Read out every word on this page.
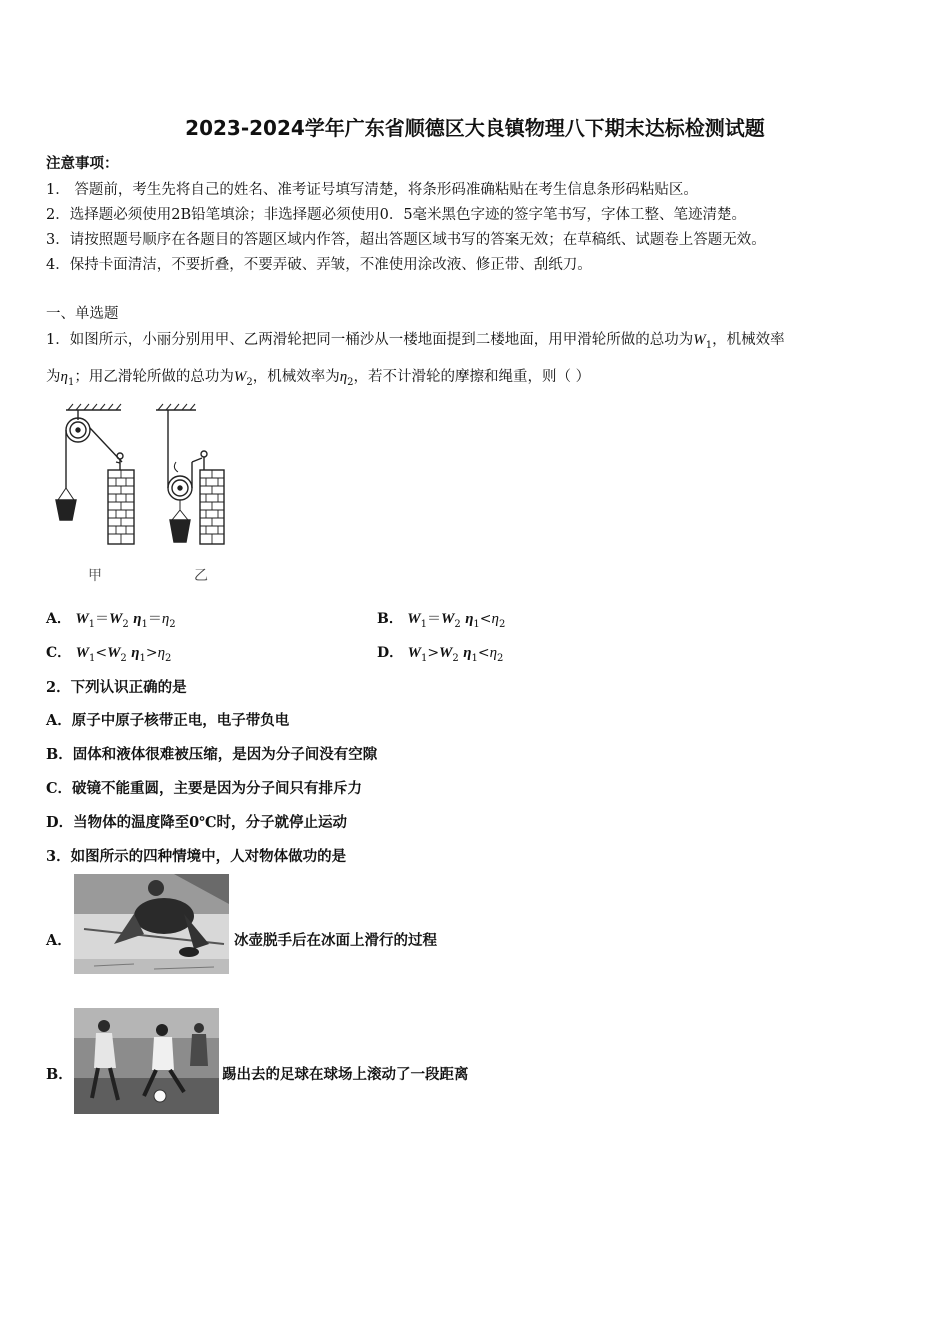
2023-2024学年广东省顺德区大良镇物理八下期末达标检测试题
注意事项：
1． 答题前，考生先将自己的姓名、准考证号填写清楚，将条形码准确粘贴在考生信息条形码粘贴区。
2．选择题必须使用2B铅笔填涂；非选择题必须使用0．5毫米黑色字迹的签字笔书写，字体工整、笔迹清楚。
3．请按照题号顺序在各题目的答题区域内作答，超出答题区域书写的答案无效；在草稿纸、试题卷上答题无效。
4．保持卡面清洁，不要折叠，不要弄破、弄皱，不准使用涂改液、修正带、刮纸刀。
一、单选题
1．如图所示，小丽分别用甲、乙两滑轮把同一桶沙从一楼地面提到二楼地面，用甲滑轮所做的总功为$W_1$，机械效率
为$\eta_1$；用乙滑轮所做的总功为$W_2$，机械效率为$\eta_2$，若不计滑轮的摩擦和绳重，则（ ）
甲	乙
A． $W_1=W_2$ $\eta_1=\eta_2$	B． $W_1=W_2$ $\eta_1<\eta_2$
C． $W_1<W_2$ $\eta_1>\eta_2$	D． $W_1>W_2$ $\eta_1<\eta_2$
2．下列认识正确的是
A．原子中原子核带正电，电子带负电
B．固体和液体很难被压缩，是因为分子间没有空隙
C．破镜不能重圆，主要是因为分子间只有排斥力
D．当物体的温度降至0℃时，分子就停止运动
3．如图所示的四种情境中，人对物体做功的是
A．	冰壶脱手后在冰面上滑行的过程
B．	踢出去的足球在球场上滚动了一段距离
